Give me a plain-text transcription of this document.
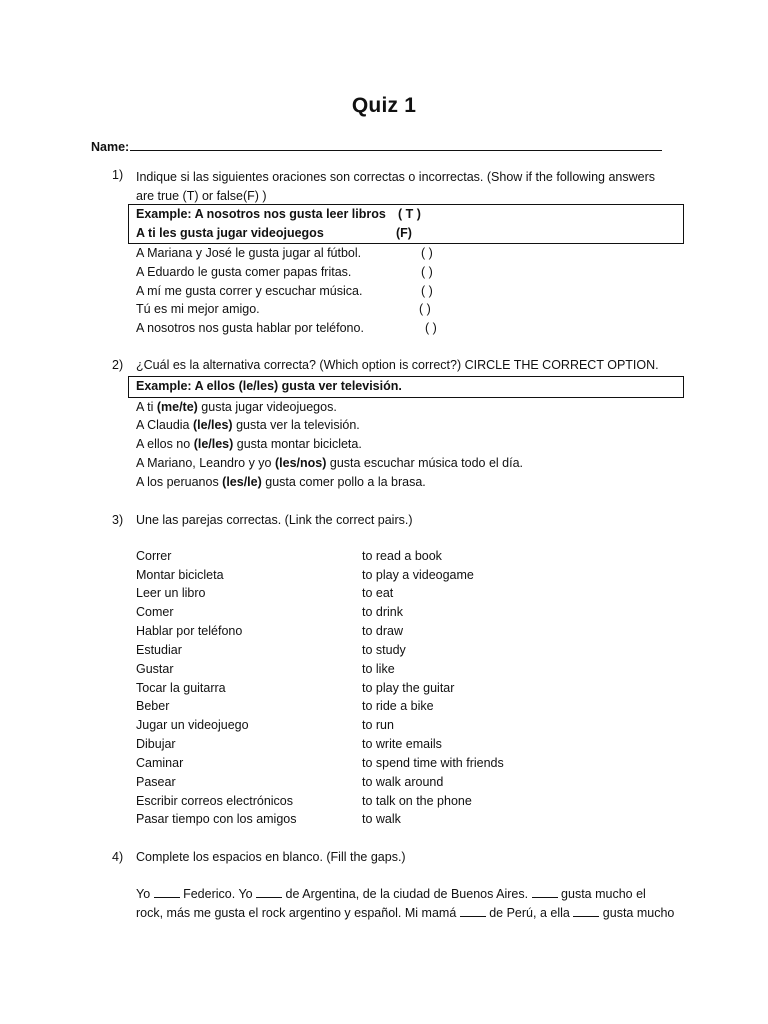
Quiz 1
Name:
1) Indique si las siguientes oraciones son correctas o incorrectas. (Show if the following answers are true (T) or false(F) )
Example: A nosotros nos gusta leer libros ( T )
A ti les gusta jugar videojuegos	(F)
A Mariana y José le gusta jugar al fútbol.	( )
A Eduardo le gusta comer papas fritas.	( )
A mí me gusta correr y escuchar música.	( )
Tú es mi mejor amigo.	( )
A nosotros nos gusta hablar por teléfono.	( )
2) ¿Cuál es la alternativa correcta? (Which option is correct?) CIRCLE THE CORRECT OPTION.
Example: A ellos (le/les) gusta ver televisión.
A ti (me/te) gusta jugar videojuegos.
A Claudia (le/les) gusta ver la televisión.
A ellos no (le/les) gusta montar bicicleta.
A Mariano, Leandro y yo (les/nos) gusta escuchar música todo el día.
A los peruanos (les/le) gusta comer pollo a la brasa.
3) Une las parejas correctas. (Link the correct pairs.)
Correr	to read a book
Montar bicicleta	to play a videogame
Leer un libro	to eat
Comer	to drink
Hablar por teléfono	to draw
Estudiar	to study
Gustar	to like
Tocar la guitarra	to play the guitar
Beber	to ride a bike
Jugar un videojuego	to run
Dibujar	to write emails
Caminar	to spend time with friends
Pasear	to walk around
Escribir correos electrónicos	to talk on the phone
Pasar tiempo con los amigos	to walk
4) Complete los espacios en blanco. (Fill the gaps.)
Yo  Federico. Yo  de Argentina, de la ciudad de Buenos Aires.  gusta mucho el
rock, más me gusta el rock argentino y español. Mi mamá  de Perú, a ella  gusta mucho
